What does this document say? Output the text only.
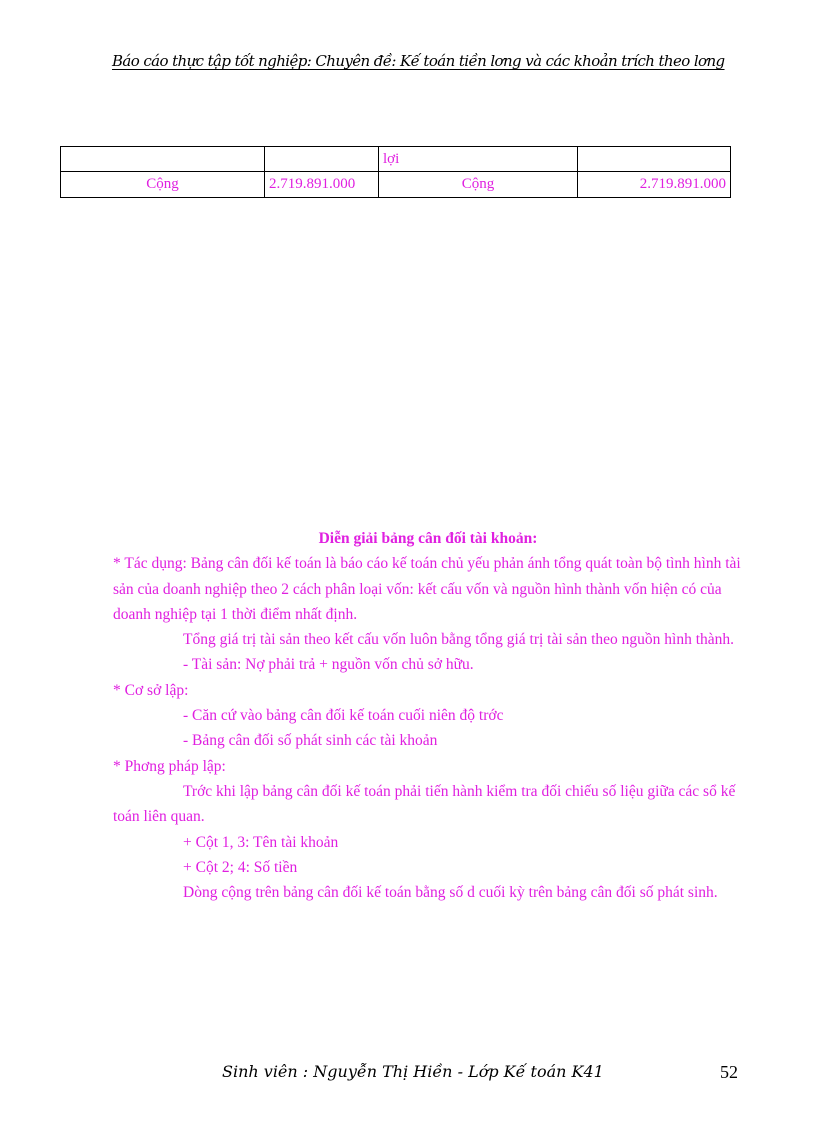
Báo cáo thực tập tốt nghiệp: Chuyên đề: Kế toán tiền lơng và các khoản trích theo lơng
		lợi	
Cộng	2.719.891.000	Cộng	2.719.891.000

Diễn giải bảng cân đối tài khoản:

* Tác dụng: Bảng cân đối kế toán là báo cáo kế toán chủ yếu phản ánh tổng quát toàn bộ tình hình tài sản của doanh nghiệp theo 2 cách phân loại vốn: kết cấu vốn và nguồn hình thành vốn hiện có của doanh nghiệp tại 1 thời điểm nhất định.

Tổng giá trị tài sản theo kết cấu vốn luôn bằng tổng giá trị tài sản theo nguồn hình thành.

- Tài sản: Nợ phải trả + nguồn vốn chủ sở hữu.

* Cơ sở lập:

- Căn cứ vào bảng cân đối kế toán cuối niên độ trớc

- Bảng cân đối số phát sinh các tài khoản

* Phơng pháp lập:

Trớc khi lập bảng cân đối kế toán phải tiến hành kiểm tra đối chiếu số liệu giữa các sổ kế toán liên quan.

+ Cột 1, 3: Tên tài khoản

+ Cột 2; 4: Số tiền

Dòng cộng trên bảng cân đối kế toán bằng số d cuối kỳ trên bảng cân đối số phát sinh.

Sinh viên : Nguyễn Thị Hiền - Lớp Kế toán K41	52
